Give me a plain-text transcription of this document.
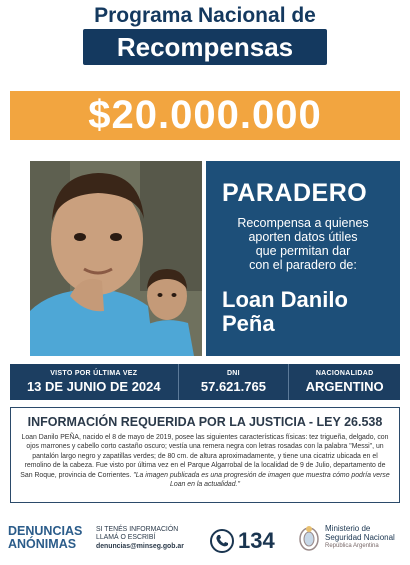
Programa Nacional de
Recompensas
$20.000.000
PARADERO
Recompensa a quienes
aporten datos útiles
que permitan dar
con el paradero de:
Loan Danilo
Peña
VISTO POR ÚLTIMA VEZ
13 DE JUNIO DE 2024
DNI
57.621.765
NACIONALIDAD
ARGENTINO
INFORMACIÓN REQUERIDA POR LA JUSTICIA - LEY 26.538
Loan Danilo PEÑA, nacido el 8 de mayo de 2019, posee las siguientes características físicas: tez trigueña, delgado, con ojos marrones y cabello corto castaño oscuro; vestía una remera negra con letras rosadas con la palabra "Messi", un pantalón largo negro y zapatillas verdes; de 80 cm. de altura aproximadamente, y tiene una cicatriz ubicada en el remolino de la cabeza. Fue visto por última vez en el Parque Algarrobal de la localidad de 9 de Julio, departamento de San Roque, provincia de Corrientes. "La imagen publicada es una progresión de imagen que muestra cómo podría verse Loan en la actualidad."
DENUNCIAS
ANÓNIMAS
SI TENÉS INFORMACIÓN
LLAMÁ O ESCRIBÍ
denuncias@minseg.gob.ar 134	Ministerio de
Seguridad Nacional
República Argentina
